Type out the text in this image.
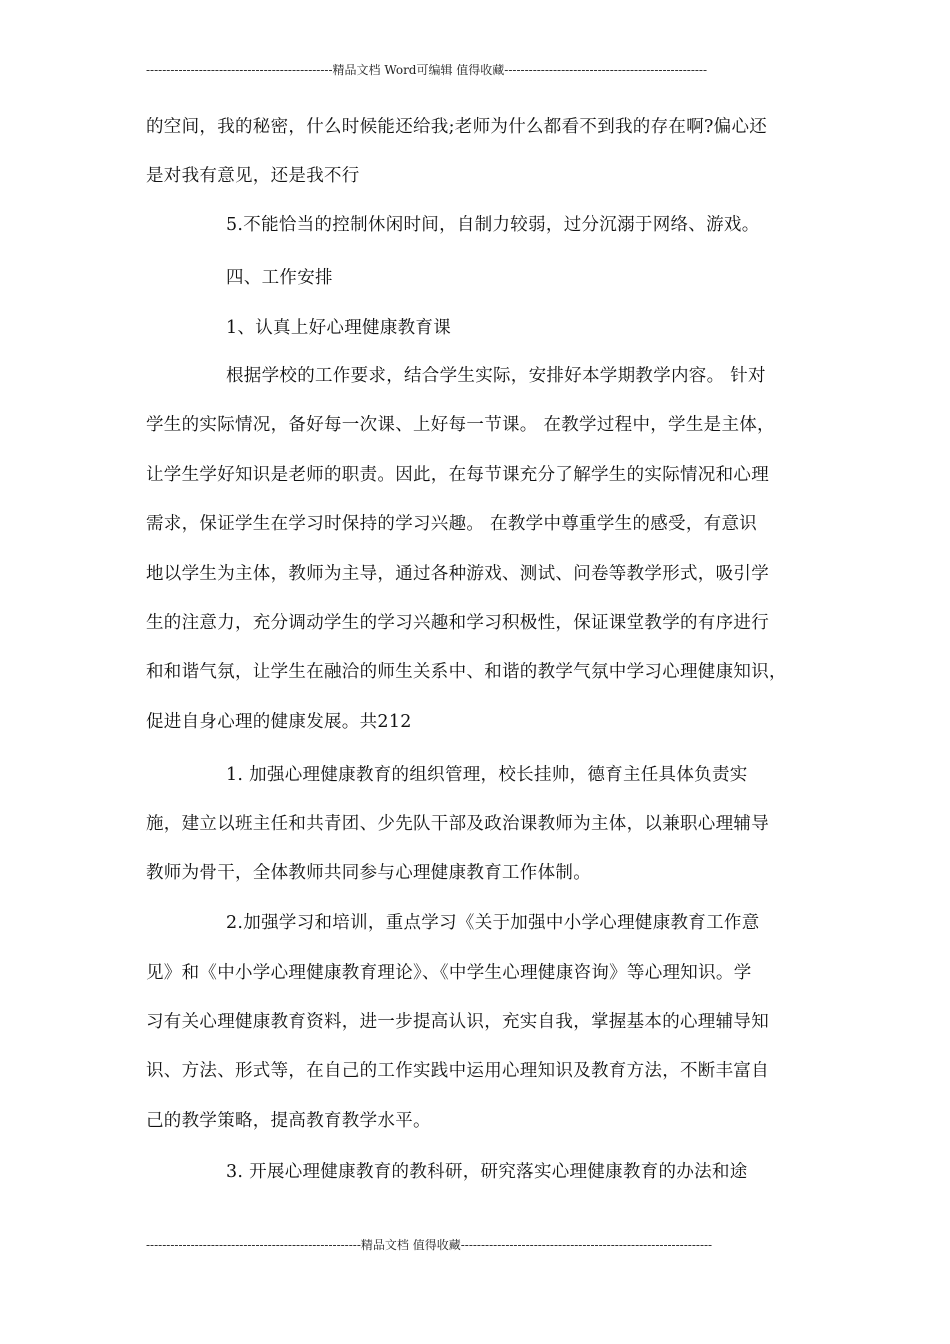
----------------------------------------------精品文档 Word可编辑 值得收藏--------------------------------------------------
的空间，我的秘密，什么时候能还给我;老师为什么都看不到我的存在啊?偏心还
是对我有意见，还是我不行
5.不能恰当的控制休闲时间，自制力较弱，过分沉溺于网络、游戏。
四、工作安排
1、认真上好心理健康教育课
根据学校的工作要求，结合学生实际，安排好本学期教学内容。 针对
学生的实际情况，备好每一次课、上好每一节课。 在教学过程中，学生是主体，
让学生学好知识是老师的职责。因此，在每节课充分了解学生的实际情况和心理
需求，保证学生在学习时保持的学习兴趣。 在教学中尊重学生的感受，有意识
地以学生为主体，教师为主导，通过各种游戏、测试、问卷等教学形式，吸引学
生的注意力，充分调动学生的学习兴趣和学习积极性，保证课堂教学的有序进行
和和谐气氛，让学生在融洽的师生关系中、和谐的教学气氛中学习心理健康知识，
促进自身心理的健康发展。共212
1. 加强心理健康教育的组织管理，校长挂帅，德育主任具体负责实
施，建立以班主任和共青团、少先队干部及政治课教师为主体，以兼职心理辅导
教师为骨干，全体教师共同参与心理健康教育工作体制。
2.加强学习和培训，重点学习《关于加强中小学心理健康教育工作意
见》和《中小学心理健康教育理论》、《中学生心理健康咨询》等心理知识。学
习有关心理健康教育资料，进一步提高认识，充实自我，掌握基本的心理辅导知
识、方法、形式等，在自己的工作实践中运用心理知识及教育方法，不断丰富自
己的教学策略，提高教育教学水平。
3. 开展心理健康教育的教科研，研究落实心理健康教育的办法和途
-----------------------------------------------------精品文档 值得收藏--------------------------------------------------------------
